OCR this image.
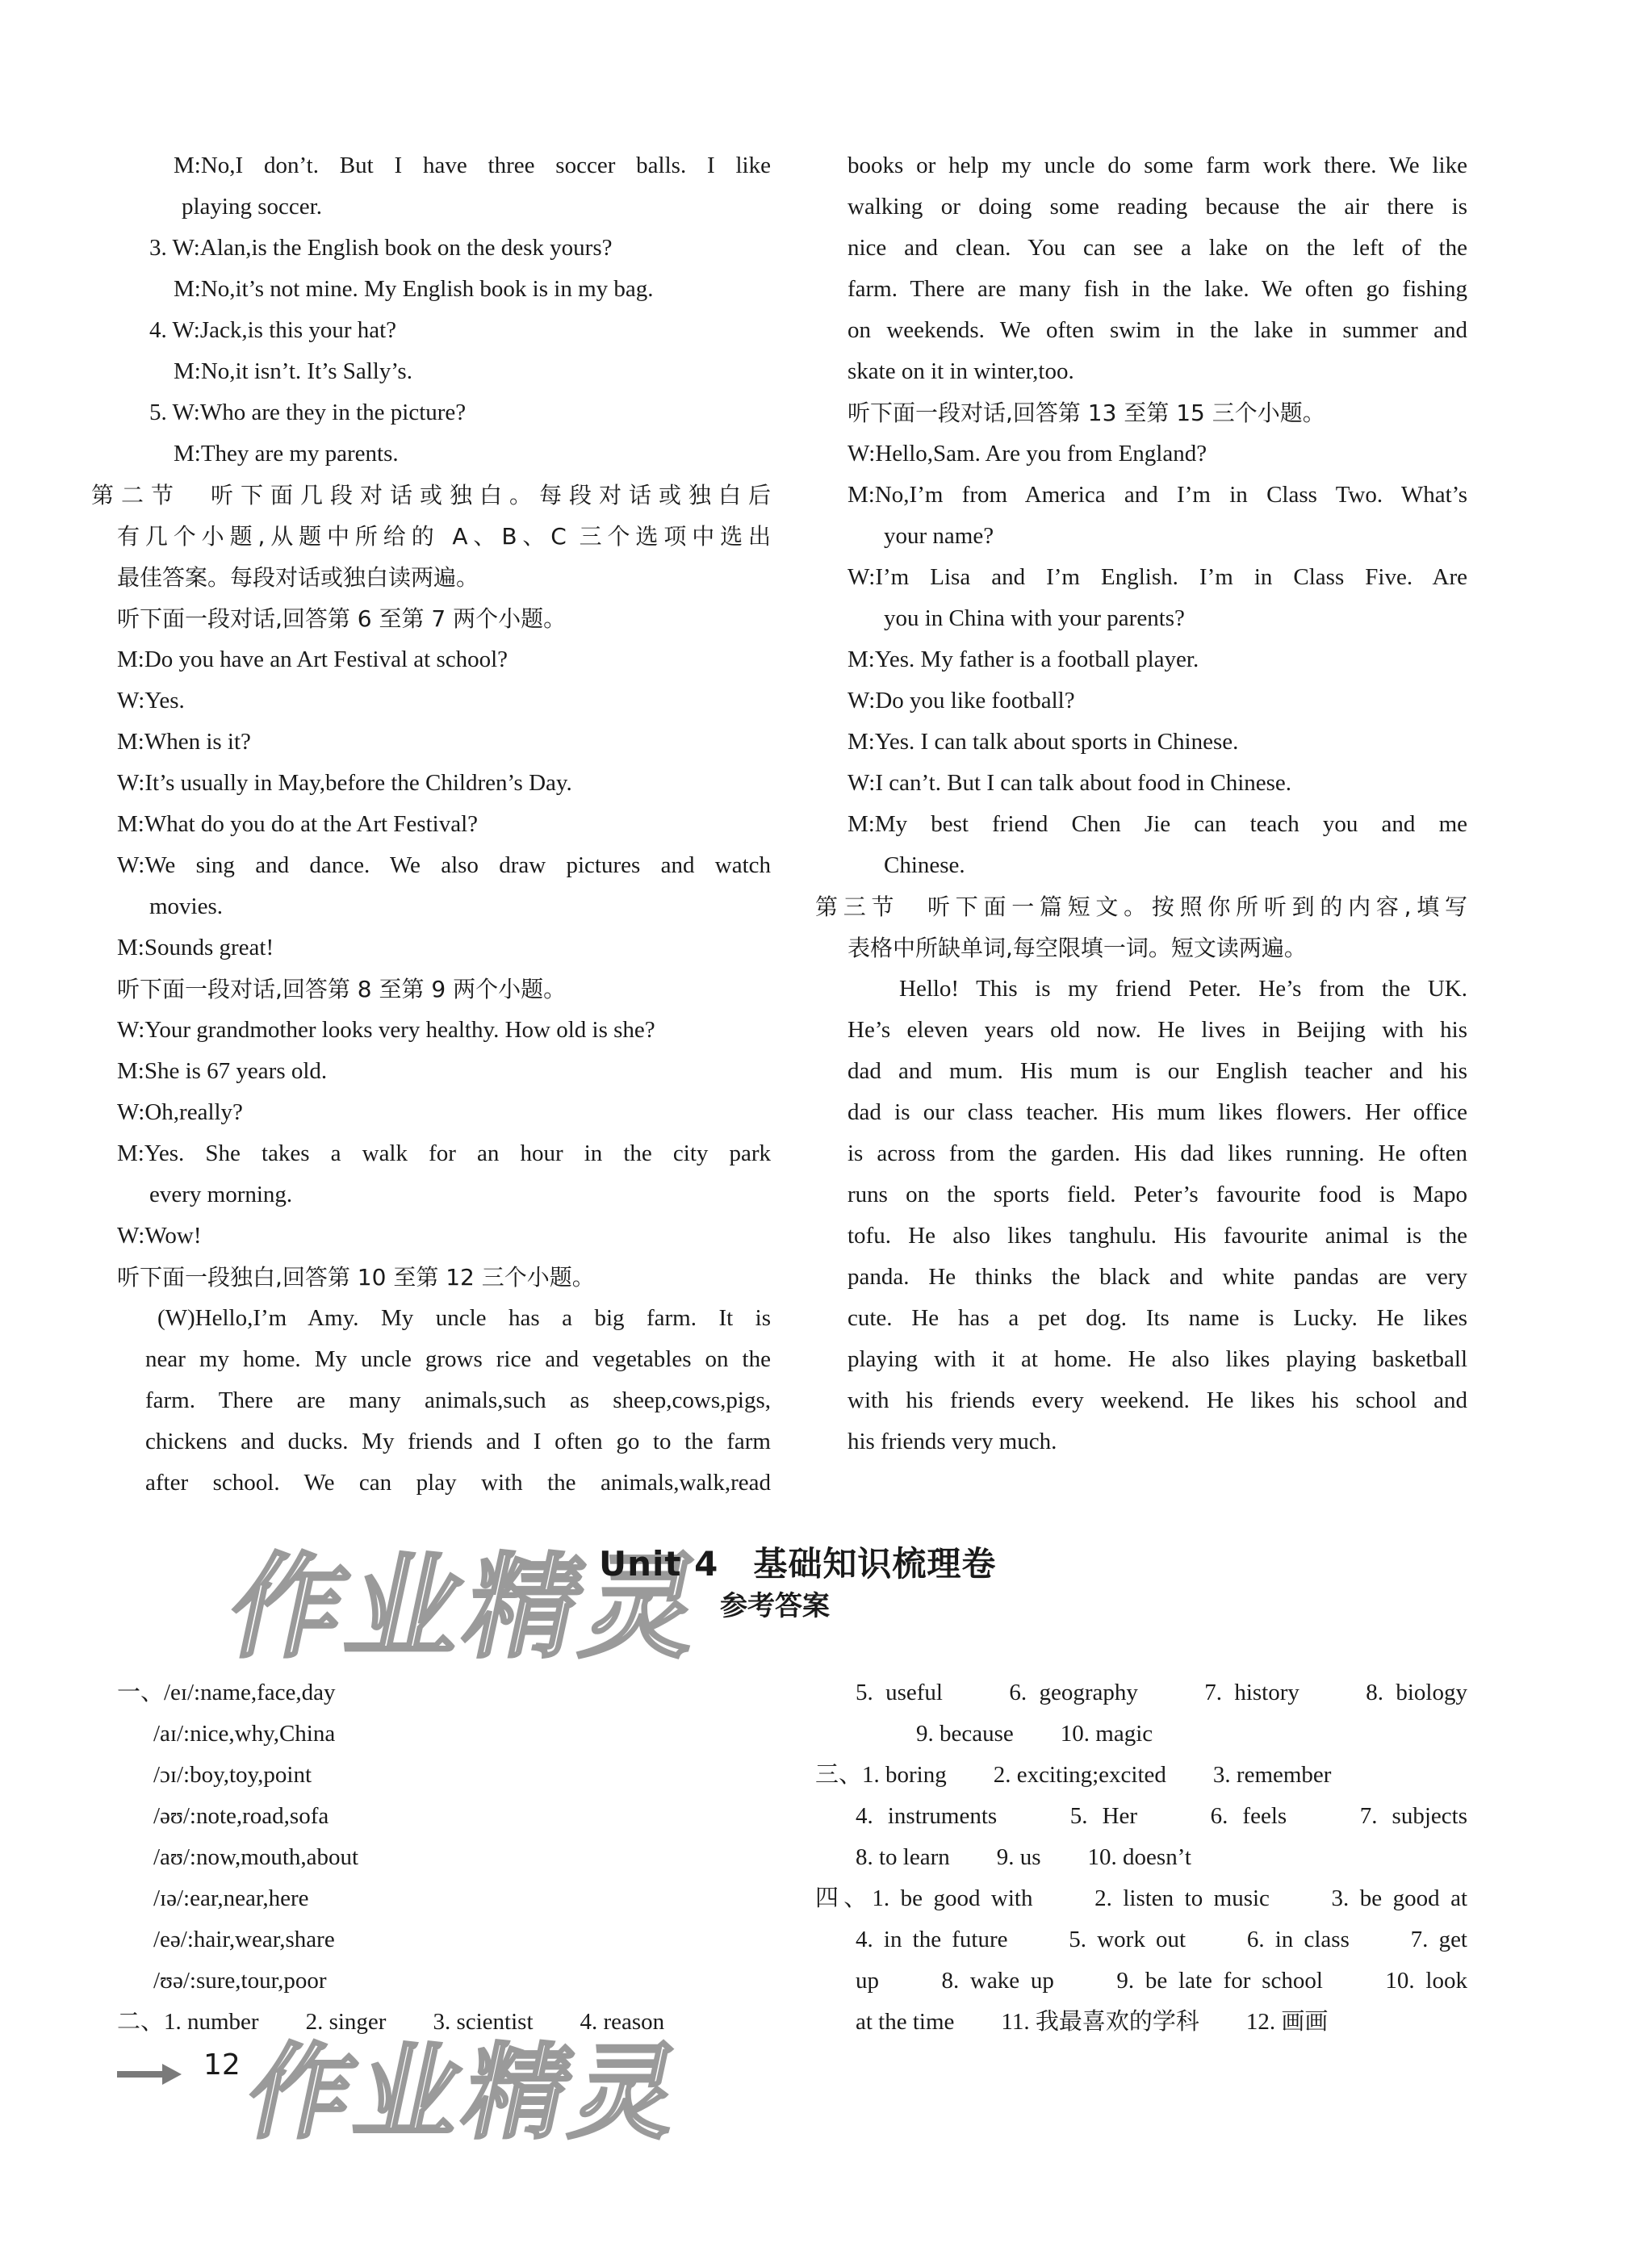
M:No,I don’t. But I have three soccer balls. I like
playing soccer.
3. W:Alan,is the English book on the desk yours?
M:No,it’s not mine. My English book is in my bag.
4. W:Jack,is this your hat?
M:No,it isn’t. It’s Sally’s.
5. W:Who are they in the picture?
M:They are my parents.
第二节　听下面几段对话或独白。每段对话或独白后
有几个小题,从题中所给的 A、B、C 三个选项中选出
最佳答案。每段对话或独白读两遍。
听下面一段对话,回答第 6 至第 7 两个小题。
M:Do you have an Art Festival at school?
W:Yes.
M:When is it?
W:It’s usually in May,before the Children’s Day.
M:What do you do at the Art Festival?
W:We sing and dance. We also draw pictures and watch
movies.
M:Sounds great!
听下面一段对话,回答第 8 至第 9 两个小题。
W:Your grandmother looks very healthy. How old is she?
M:She is 67 years old.
W:Oh,really?
M:Yes. She takes a walk for an hour in the city park
every morning.
W:Wow!
听下面一段独白,回答第 10 至第 12 三个小题。
(W)Hello,I’m Amy. My uncle has a big farm. It is
near my home. My uncle grows rice and vegetables on the
farm. There are many animals,such as sheep,cows,pigs,
chickens and ducks. My friends and I often go to the farm
after school. We can play with the animals,walk,read
books or help my uncle do some farm work there. We like
walking or doing some reading because the air there is
nice and clean. You can see a lake on the left of the
farm. There are many fish in the lake. We often go fishing
on weekends. We often swim in the lake in summer and
skate on it in winter,too.
听下面一段对话,回答第 13 至第 15 三个小题。
W:Hello,Sam. Are you from England?
M:No,I’m from America and I’m in Class Two. What’s
your name?
W:I’m Lisa and I’m English. I’m in Class Five. Are
you in China with your parents?
M:Yes. My father is a football player.
W:Do you like football?
M:Yes. I can talk about sports in Chinese.
W:I can’t. But I can talk about food in Chinese.
M:My best friend Chen Jie can teach you and me
Chinese.
第三节　听下面一篇短文。按照你所听到的内容,填写
表格中所缺单词,每空限填一词。短文读两遍。
Hello! This is my friend Peter. He’s from the UK.
He’s eleven years old now. He lives in Beijing with his
dad and mum. His mum is our English teacher and his
dad is our class teacher. His mum likes flowers. Her office
is across from the garden. His dad likes running. He often
runs on the sports field. Peter’s favourite food is Mapo
tofu. He also likes tanghulu. His favourite animal is the
panda. He thinks the black and white pandas are very
cute. He has a pet dog. Its name is Lucky. He likes
playing with it at home. He also likes playing basketball
with his friends every weekend. He likes his school and
his friends very much.
作业精灵
作业精灵
Unit 4　基础知识梳理卷
参考答案
一、/eɪ/:name,face,day
/aɪ/:nice,why,China
/ɔɪ/:boy,toy,point
/əʊ/:note,road,sofa
/aʊ/:now,mouth,about
/ɪə/:ear,near,here
/eə/:hair,wear,share
/ʊə/:sure,tour,poor
二、1. number　　2. singer　　3. scientist　　4. reason
5. useful　　6. geography　　7. history　　8. biology
9. because　　10. magic
三、1. boring　　2. exciting;excited　　3. remember
4. instruments　　5. Her　　6. feels　　7. subjects
8. to learn　　9. us　　10. doesn’t
四、1. be good with　　2. listen to music　　3. be good at
4. in the future　　5. work out　　6. in class　　7. get
up　　8. wake up　　9. be late for school　　10. look
at the time　　11. 我最喜欢的学科　　12. 画画
12
